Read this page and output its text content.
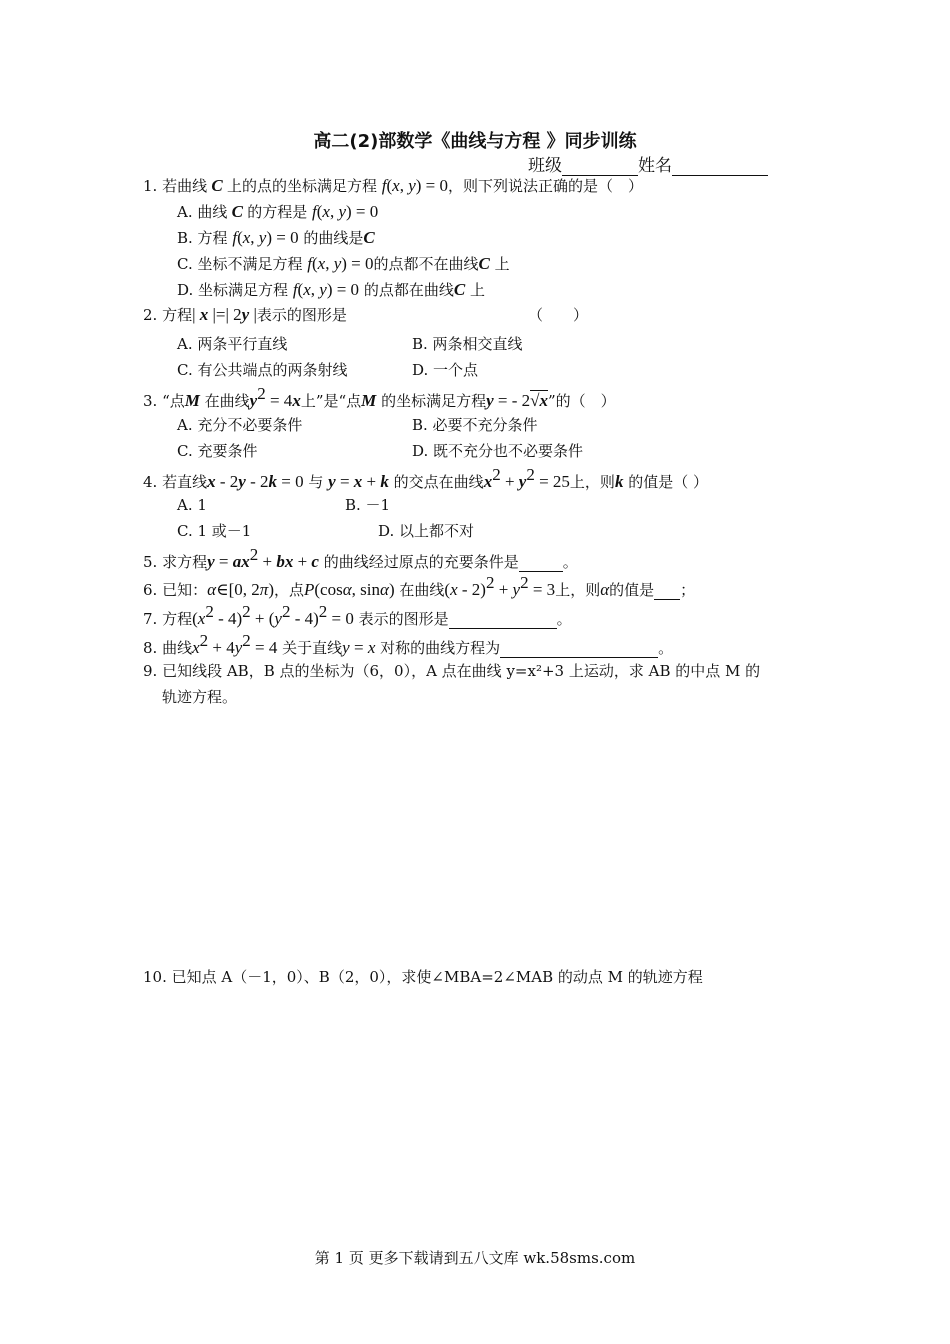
高二(2)部数学《曲线与方程 》同步训练
班级	姓名
1. 若曲线 C 上的点的坐标满足方程 f(x, y) = 0，则下列说法正确的是（　）
A. 曲线 C 的方程是 f(x, y) = 0
B. 方程 f(x, y) = 0 的曲线是C
C. 坐标不满足方程 f(x, y) = 0的点都不在曲线C 上
D. 坐标满足方程 f(x, y) = 0 的点都在曲线C 上
2. 方程| x |=| 2y |表示的图形是	（　　）
A. 两条平行直线	B. 两条相交直线
C. 有公共端点的两条射线	D. 一个点
3. “点M 在曲线$y^2 = 4x$上”是“点M 的坐标满足方程y = - 2√x”的（　）
A. 充分不必要条件	B. 必要不充分条件
C. 充要条件	D. 既不充分也不必要条件
4. 若直线x - 2y - 2k = 0 与 y = x + k 的交点在曲线$x^2 + y^2 = 25$上，则k 的值是（ ）
A. 1	B. －1
C. 1 或－1	D. 以上都不对
5. 求方程$y = ax^2$ + bx + c 的曲线经过原点的充要条件是	。
6. 已知：α∈[0, 2π)，点P(cosα, sinα) 在曲线$(x - 2)^2 + y^2 = 3$上，则α的值是 ；
7. 方程$(x^2 - 4)^2 + (y^2 - 4)^2 = 0$ 表示的图形是	。
8. 曲线$x^2 + 4y^2 = 4$ 关于直线y = x 对称的曲线方程为	。
9. 已知线段 AB，B 点的坐标为（6，0），A 点在曲线 y=x²+3 上运动，求 AB 的中点 M 的
轨迹方程。
10. 已知点 A（－1，0）、B（2，0），求使∠MBA=2∠MAB 的动点 M 的轨迹方程
第 1 页 更多下载请到五八文库 wk.58sms.com
